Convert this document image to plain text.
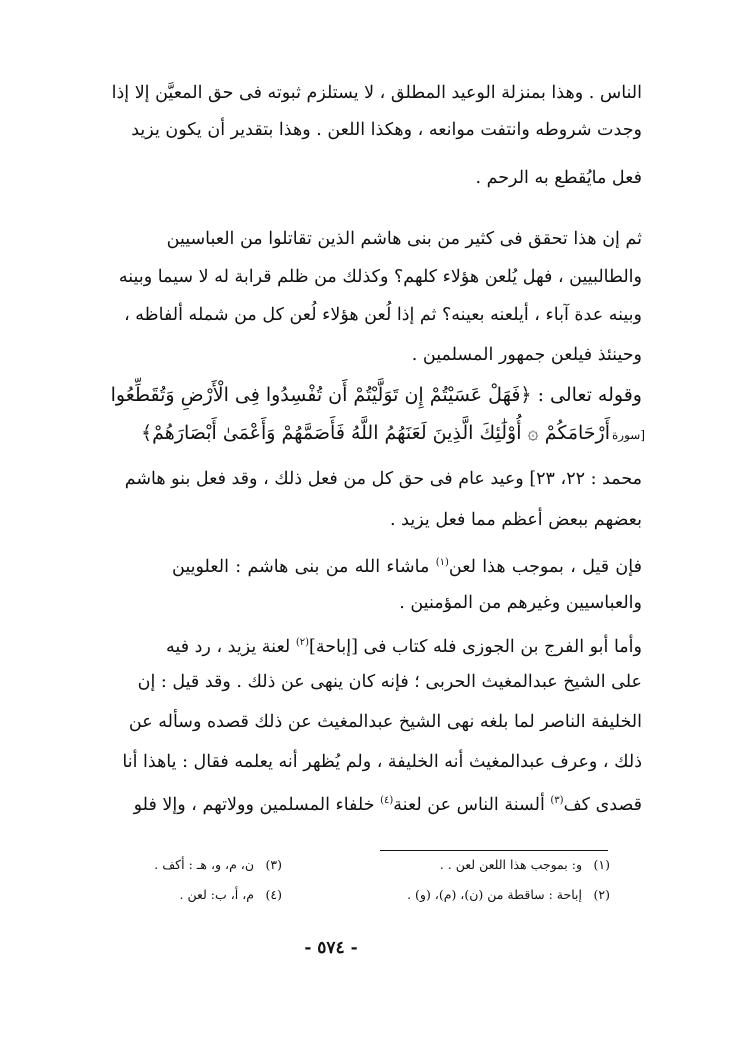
الناس . وهذا بمنزلة الوعيد المطلق ، لا يستلزم ثبوته فى حق المعيَّن إلا إذا
وجدت شروطه وانتفت موانعه ، وهكذا اللعن . وهذا بتقدير أن يكون يزيد
فعل مايُقطع به الرحم .
ثم إن هذا تحقق فى كثير من بنى هاشم الذين تقاتلوا من العباسيين
والطالبيين ، فهل يُلعن هؤلاء كلهم؟ وكذلك من ظلم قرابة له لا سيما وبينه
وبينه عدة آباء ، أيلعنه بعينه؟ ثم إذا لُعن هؤلاء لُعن كل من شمله ألفاظه ،
وحينئذ فيلعن جمهور المسلمين .
وقوله تعالى : ﴿فَهَلْ عَسَيْتُمْ إِن تَوَلَّيْتُمْ أَن تُفْسِدُوا فِى الْأَرْضِ وَتُقَطِّعُوا
أَرْحَامَكُمْ ۞ أُوْلَٰئِكَ الَّذِينَ لَعَنَهُمُ اللَّهُ فَأَصَمَّهُمْ وَأَعْمَىٰ أَبْصَارَهُمْ﴾ [سورة
محمد : ٢٢، ٢٣] وعيد عام فى حق كل من فعل ذلك ، وقد فعل بنو هاشم
بعضهم ببعض أعظم مما فعل يزيد .
فإن قيل ، بموجب هذا لعن$^{(١)}$ ماشاء الله من بنى هاشم : العلويين
والعباسيين وغيرهم من المؤمنين .
وأما أبو الفرج بن الجوزى فله كتاب فى [إباحة]$^{(٢)}$ لعنة يزيد ، رد فيه
على الشيخ عبدالمغيث الحربى ؛ فإنه كان ينهى عن ذلك . وقد قيل : إن
الخليفة الناصر لما بلغه نهى الشيخ عبدالمغيث عن ذلك قصده وسأله عن
ذلك ، وعرف عبدالمغيث أنه الخليفة ، ولم يُظهر أنه يعلمه فقال : ياهذا أنا
قصدى كف$^{(٣)}$ ألسنة الناس عن لعنة$^{(٤)}$ خلفاء المسلمين وولاتهم ، وإلا فلو
(١)و: بموجب هذا اللعن لعن . .
(٢)إباحة : ساقطة من (ن)، (م)، (و) .
(٣)ن، م، و، هـ : أكف .
(٤)م، أ، ب: لعن .
- ٥٧٤ -
